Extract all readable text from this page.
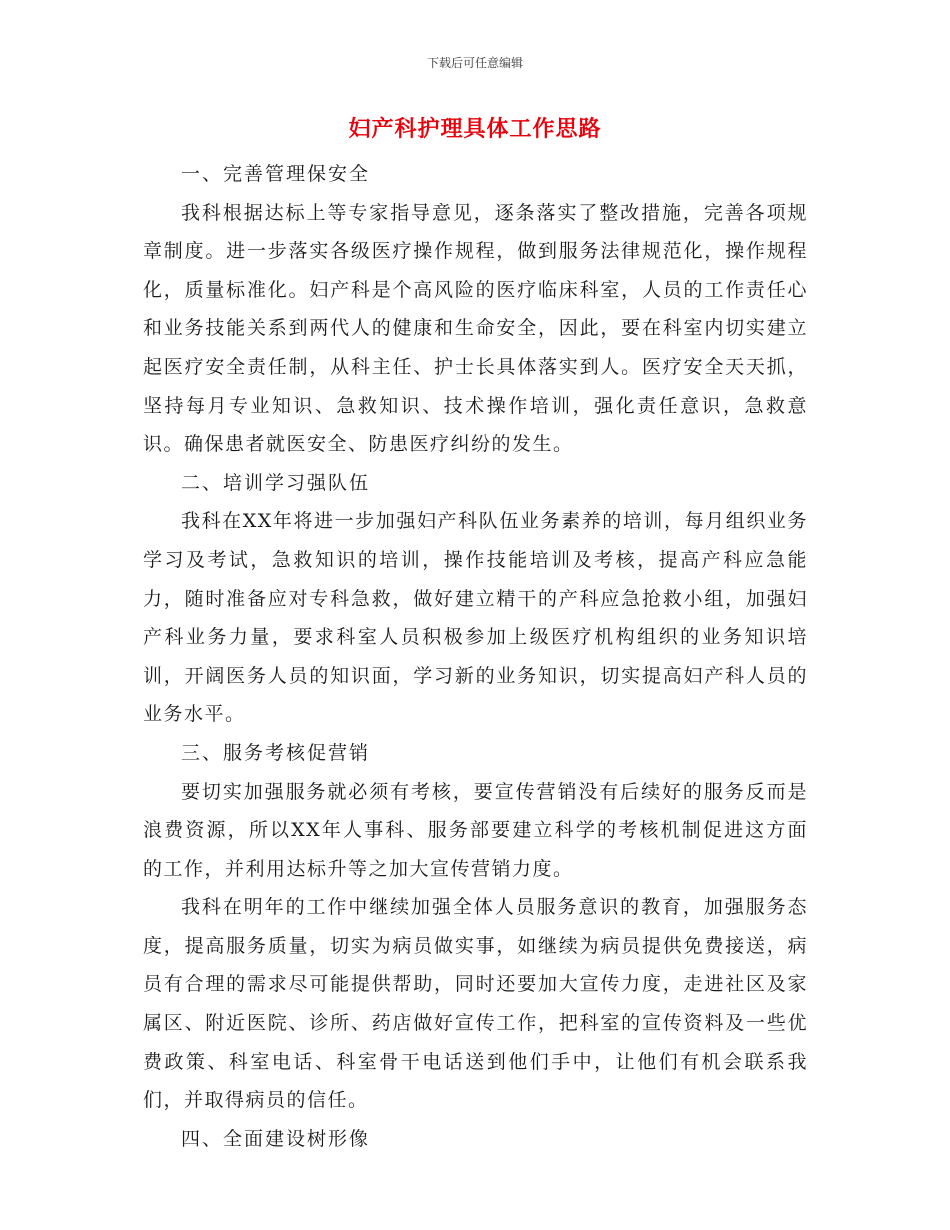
下载后可任意编辑
妇产科护理具体工作思路

一、完善管理保安全

我科根据达标上等专家指导意见，逐条落实了整改措施，完善各项规章制度。进一步落实各级医疗操作规程，做到服务法律规范化，操作规程化，质量标准化。妇产科是个高风险的医疗临床科室，人员的工作责任心和业务技能关系到两代人的健康和生命安全，因此，要在科室内切实建立起医疗安全责任制，从科主任、护士长具体落实到人。医疗安全天天抓，坚持每月专业知识、急救知识、技术操作培训，强化责任意识，急救意识。确保患者就医安全、防患医疗纠纷的发生。

二、培训学习强队伍

我科在XX年将进一步加强妇产科队伍业务素养的培训，每月组织业务学习及考试，急救知识的培训，操作技能培训及考核，提高产科应急能力，随时准备应对专科急救，做好建立精干的产科应急抢救小组，加强妇产科业务力量，要求科室人员积极参加上级医疗机构组织的业务知识培训，开阔医务人员的知识面，学习新的业务知识，切实提高妇产科人员的业务水平。

三、服务考核促营销

要切实加强服务就必须有考核，要宣传营销没有后续好的服务反而是浪费资源，所以XX年人事科、服务部要建立科学的考核机制促进这方面的工作，并利用达标升等之加大宣传营销力度。

我科在明年的工作中继续加强全体人员服务意识的教育，加强服务态度，提高服务质量，切实为病员做实事，如继续为病员提供免费接送，病员有合理的需求尽可能提供帮助，同时还要加大宣传力度，走进社区及家属区、附近医院、诊所、药店做好宣传工作，把科室的宣传资料及一些优费政策、科室电话、科室骨干电话送到他们手中，让他们有机会联系我们，并取得病员的信任。

四、全面建设树形像
